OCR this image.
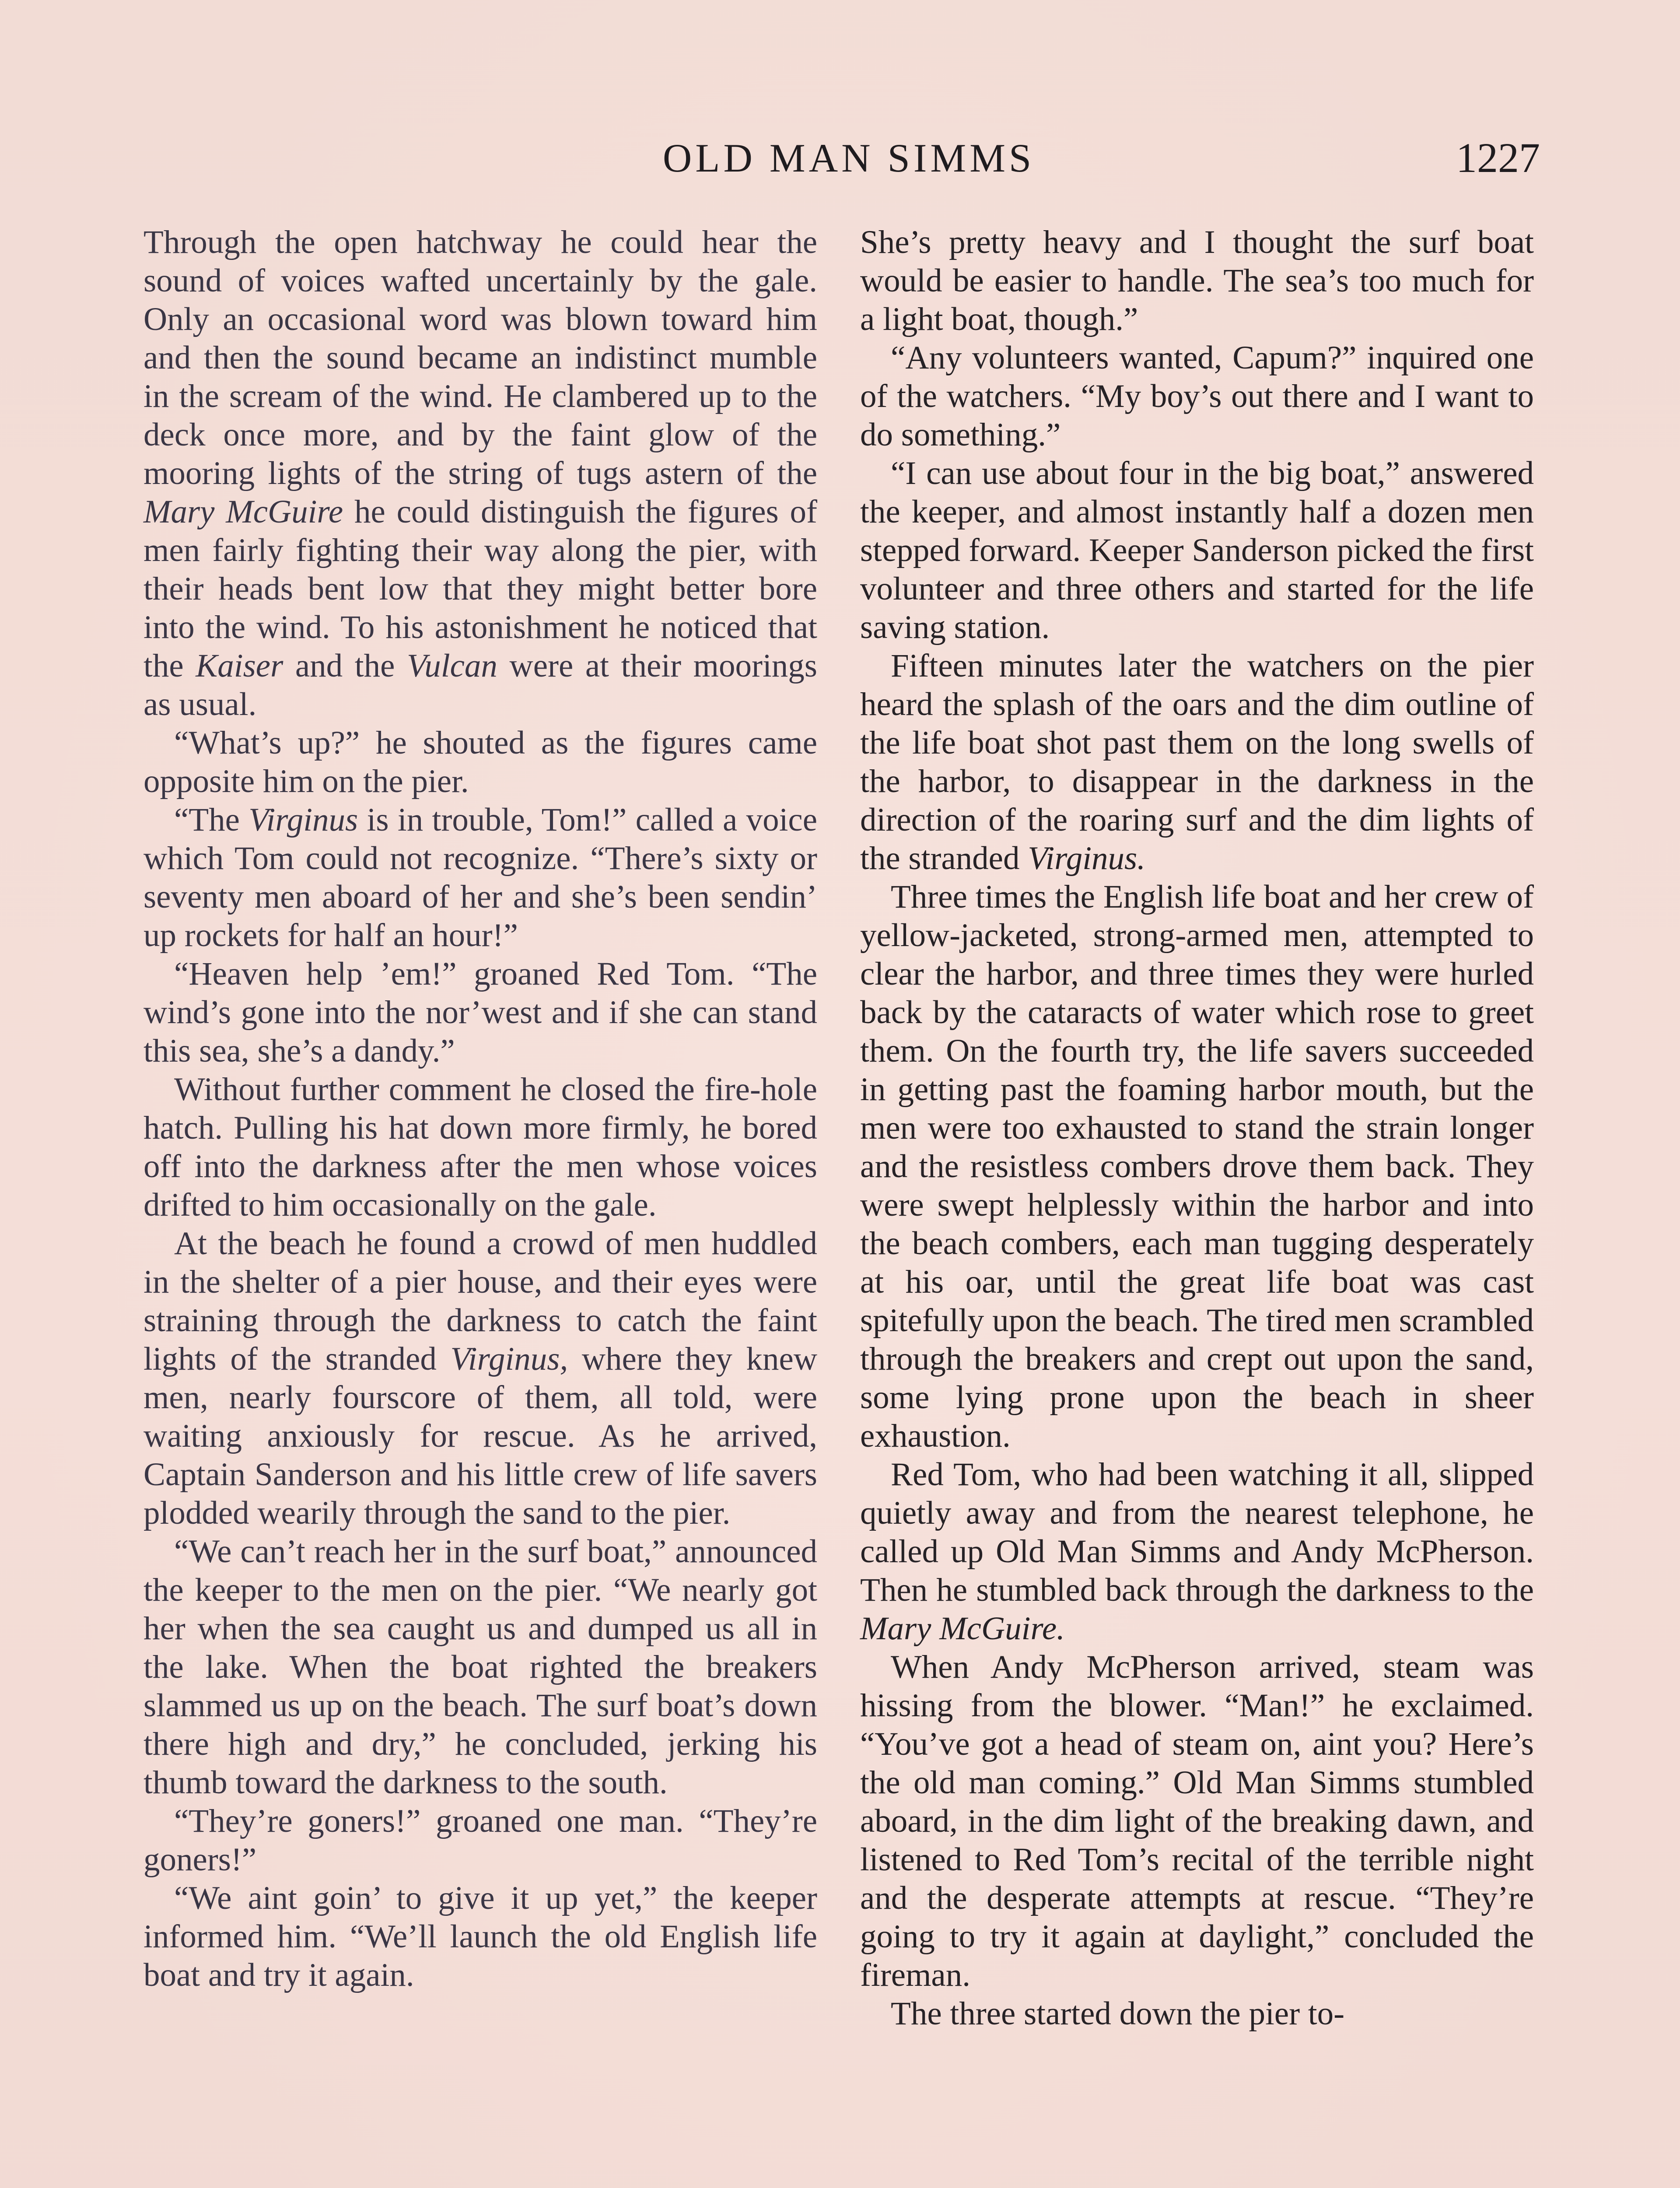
OLD MAN SIMMS	1227

Through the open hatchway he could hear the sound of voices wafted uncertainly by the gale. Only an occasional word was blown toward him and then the sound became an indistinct mumble in the scream of the wind. He clambered up to the deck once more, and by the faint glow of the mooring lights of the string of tugs astern of the Mary McGuire he could distinguish the figures of men fairly fighting their way along the pier, with their heads bent low that they might better bore into the wind. To his astonishment he noticed that the Kaiser and the Vulcan were at their moorings as usual.

“What’s up?” he shouted as the figures came opposite him on the pier.

“The Virginus is in trouble, Tom!” called a voice which Tom could not recognize. “There’s sixty or seventy men aboard of her and she’s been sendin’ up rockets for half an hour!”

“Heaven help ’em!” groaned Red Tom. “The wind’s gone into the nor’west and if she can stand this sea, she’s a dandy.”

Without further comment he closed the fire-hole hatch. Pulling his hat down more firmly, he bored off into the darkness after the men whose voices drifted to him occasionally on the gale.

At the beach he found a crowd of men huddled in the shelter of a pier house, and their eyes were straining through the darkness to catch the faint lights of the stranded Virginus, where they knew men, nearly fourscore of them, all told, were waiting anxiously for rescue. As he arrived, Captain Sanderson and his little crew of life savers plodded wearily through the sand to the pier.

“We can’t reach her in the surf boat,” announced the keeper to the men on the pier. “We nearly got her when the sea caught us and dumped us all in the lake. When the boat righted the breakers slammed us up on the beach. The surf boat’s down there high and dry,” he concluded, jerking his thumb toward the darkness to the south.

“They’re goners!” groaned one man. “They’re goners!”

“We aint goin’ to give it up yet,” the keeper informed him. “We’ll launch the old English life boat and try it again.

She’s pretty heavy and I thought the surf boat would be easier to handle. The sea’s too much for a light boat, though.”

“Any volunteers wanted, Capum?” inquired one of the watchers. “My boy’s out there and I want to do something.”

“I can use about four in the big boat,” answered the keeper, and almost instantly half a dozen men stepped forward. Keeper Sanderson picked the first volunteer and three others and started for the life saving station.

Fifteen minutes later the watchers on the pier heard the splash of the oars and the dim outline of the life boat shot past them on the long swells of the harbor, to disappear in the darkness in the direction of the roaring surf and the dim lights of the stranded Virginus.

Three times the English life boat and her crew of yellow-jacketed, strong-armed men, attempted to clear the harbor, and three times they were hurled back by the cataracts of water which rose to greet them. On the fourth try, the life savers succeeded in getting past the foaming harbor mouth, but the men were too exhausted to stand the strain longer and the resistless combers drove them back. They were swept helplessly within the harbor and into the beach combers, each man tugging desperately at his oar, until the great life boat was cast spitefully upon the beach. The tired men scrambled through the breakers and crept out upon the sand, some lying prone upon the beach in sheer exhaustion.

Red Tom, who had been watching it all, slipped quietly away and from the nearest telephone, he called up Old Man Simms and Andy McPherson. Then he stumbled back through the darkness to the Mary McGuire.

When Andy McPherson arrived, steam was hissing from the blower. “Man!” he exclaimed. “You’ve got a head of steam on, aint you? Here’s the old man coming.” Old Man Simms stumbled aboard, in the dim light of the breaking dawn, and listened to Red Tom’s recital of the terrible night and the desperate attempts at rescue. “They’re going to try it again at daylight,” concluded the fireman.

The three started down the pier to-
